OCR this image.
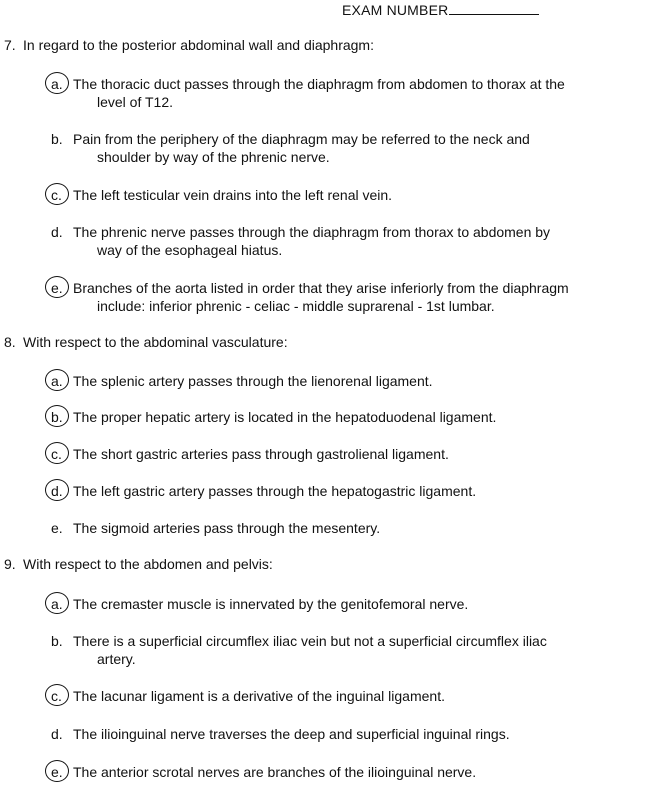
EXAM NUMBER
7. In regard to the posterior abdominal wall and diaphragm:
a. The thoracic duct passes through the diaphragm from abdomen to thorax at the
level of T12.
b. Pain from the periphery of the diaphragm may be referred to the neck and
shoulder by way of the phrenic nerve.
c. The left testicular vein drains into the left renal vein.
d. The phrenic nerve passes through the diaphragm from thorax to abdomen by
way of the esophageal hiatus.
e. Branches of the aorta listed in order that they arise inferiorly from the diaphragm
include: inferior phrenic - celiac - middle suprarenal - 1st lumbar.
8. With respect to the abdominal vasculature:
a. The splenic artery passes through the lienorenal ligament.
b. The proper hepatic artery is located in the hepatoduodenal ligament.
c. The short gastric arteries pass through gastrolienal ligament.
d. The left gastric artery passes through the hepatogastric ligament.
e. The sigmoid arteries pass through the mesentery.
9. With respect to the abdomen and pelvis:
a. The cremaster muscle is innervated by the genitofemoral nerve.
b. There is a superficial circumflex iliac vein but not a superficial circumflex iliac
artery.
c. The lacunar ligament is a derivative of the inguinal ligament.
d. The ilioinguinal nerve traverses the deep and superficial inguinal rings.
e. The anterior scrotal nerves are branches of the ilioinguinal nerve.
